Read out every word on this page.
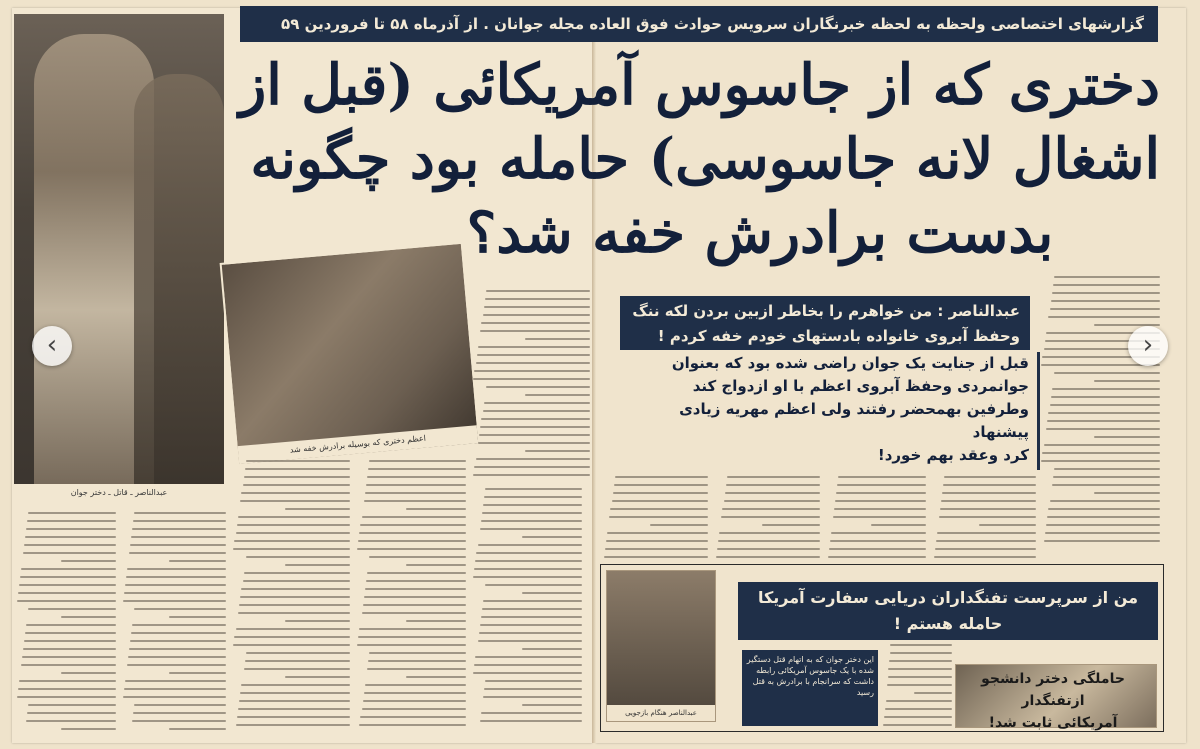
گزارشهای اختصاصی ولحظه به لحظه خبرنگاران سرویس حوادث فوق العاده مجله جوانان . از آذرماه ۵۸ تا فروردین ۵۹
دختری که از جاسوس آمریکائی (قبل از
اشغال لانه جاسوسی) حامله بود چگونه
بدست برادرش خفه شد؟
عبدالناصر ـ قاتل ـ دختر جوان
اعظم دختری که بوسیله برادرش خفه شد
عبدالناصر : من خواهرم را بخاطر ازبین بردن لکه ننگ
وحفظ آبروی خانواده بادستهای خودم خفه کردم !
قبل از جنایت یک جوان راضی شده بود که بعنوان
جوانمردی وحفظ آبروی اعظم با او ازدواج کند
وطرفین بهمحضر رفتند ولی اعظم مهریه زیادی پیشنهاد
کرد وعقد بهم خورد!
عبدالناصر هنگام بازجویی
من از سرپرست تفنگداران دریایی سفارت آمریکا
حامله هستم !
این دختر جوان که به اتهام قتل دستگیر شده با یک جاسوس آمریکائی رابطه داشت که سرانجام با برادرش به قتل رسید
حاملگی دختر دانشجو ازتفنگدار
آمریکائی ثابت شد!
‹	›
